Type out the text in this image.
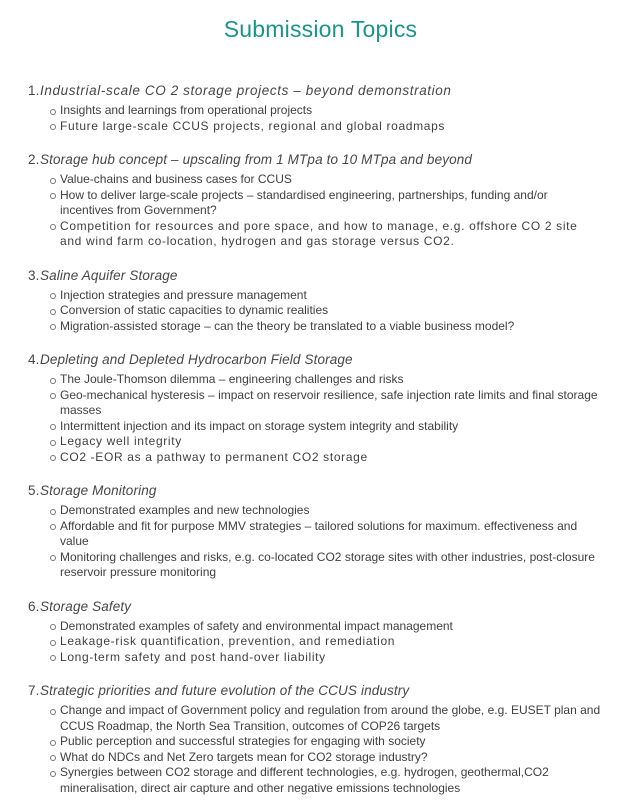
Submission Topics
1.Industrial-scale CO 2 storage projects – beyond demonstration
Insights and learnings from operational projects
Future large-scale CCUS projects, regional and global roadmaps
2.Storage hub concept – upscaling from 1 MTpa to 10 MTpa and beyond
Value-chains and business cases for CCUS
How to deliver large-scale projects – standardised engineering, partnerships, funding and/or incentives from Government?
Competition for resources and pore space, and how to manage, e.g. offshore CO 2 site and wind farm co-location, hydrogen and gas storage versus CO2.
3.Saline Aquifer Storage
Injection strategies and pressure management
Conversion of static capacities to dynamic realities
Migration-assisted storage – can the theory be translated to a viable business model?
4.Depleting and Depleted Hydrocarbon Field Storage
The Joule-Thomson dilemma – engineering challenges and risks
Geo-mechanical hysteresis – impact on reservoir resilience, safe injection rate limits and final storage masses
Intermittent injection and its impact on storage system integrity and stability
Legacy well integrity
CO2 -EOR as a pathway to permanent CO2 storage
5.Storage Monitoring
Demonstrated examples and new technologies
Affordable and fit for purpose MMV strategies – tailored solutions for maximum. effectiveness and value
Monitoring challenges and risks, e.g. co-located CO2 storage sites with other industries, post-closure reservoir pressure monitoring
6.Storage Safety
Demonstrated examples of safety and environmental impact management
Leakage-risk quantification, prevention, and remediation
Long-term safety and post hand-over liability
7.Strategic priorities and future evolution of the CCUS industry
Change and impact of Government policy and regulation from around the globe, e.g. EUSET plan and CCUS Roadmap, the North Sea Transition, outcomes of COP26 targets
Public perception and successful strategies for engaging with society
What do NDCs and Net Zero targets mean for CO2 storage industry?
Synergies between CO2 storage and different technologies, e.g. hydrogen, geothermal,CO2 mineralisation, direct air capture and other negative emissions technologies
